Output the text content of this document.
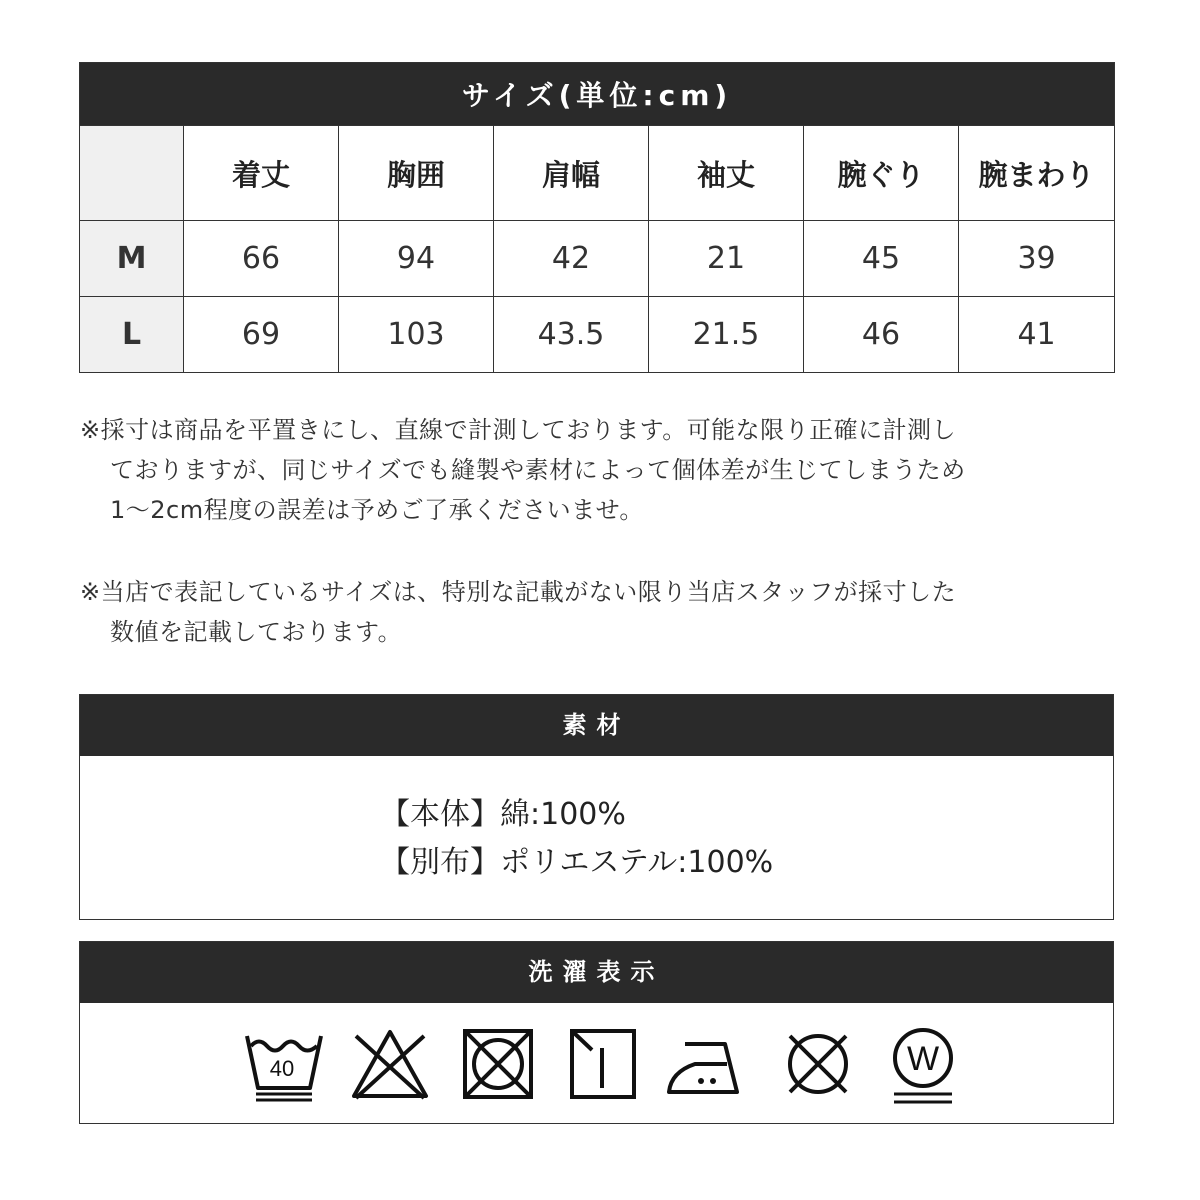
サイズ(単位:cm)						
	着丈	胸囲	肩幅	袖丈	腕ぐり	腕まわり
M	66	94	42	21	45	39
L	69	103	43.5	21.5	46	41

※採寸は商品を平置きにし、直線で計測しております。可能な限り正確に計測し

ておりますが、同じサイズでも縫製や素材によって個体差が生じてしまうため

1〜2cm程度の誤差は予めご了承くださいませ。

※当店で表記しているサイズは、特別な記載がない限り当店スタッフが採寸した

数値を記載しております。

素材
【本体】綿:100%
【別布】ポリエステル:100%
洗濯表示
40	W
